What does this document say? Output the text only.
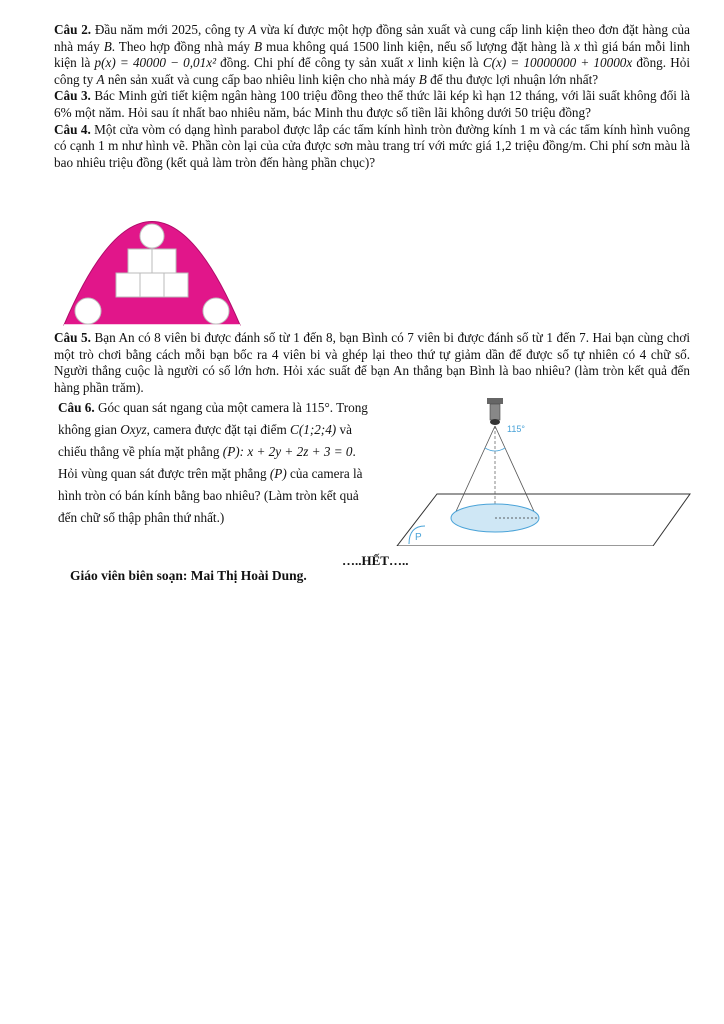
Câu 2. Đầu năm mới 2025, công ty A vừa kí được một hợp đồng sản xuất và cung cấp linh kiện theo đơn đặt hàng của nhà máy B. Theo hợp đồng nhà máy B mua không quá 1500 linh kiện, nếu số lượng đặt hàng là x thì giá bán mỗi linh kiện là p(x) = 40000 − 0,01x² đồng. Chi phí để công ty sản xuất x linh kiện là C(x) = 10000000 + 10000x đồng. Hỏi công ty A nên sản xuất và cung cấp bao nhiêu linh kiện cho nhà máy B để thu được lợi nhuận lớn nhất?

Câu 3. Bác Minh gửi tiết kiệm ngân hàng 100 triệu đồng theo thể thức lãi kép kì hạn 12 tháng, với lãi suất không đổi là 6% một năm. Hỏi sau ít nhất bao nhiêu năm, bác Minh thu được số tiền lãi không dưới 50 triệu đồng?

Câu 4. Một cửa vòm có dạng hình parabol được lắp các tấm kính hình tròn đường kính 1 m và các tấm kính hình vuông có cạnh 1 m như hình vẽ. Phần còn lại của cửa được sơn màu trang trí với mức giá 1,2 triệu đồng/m. Chi phí sơn màu là bao nhiêu triệu đồng (kết quả làm tròn đến hàng phần chục)?

Câu 5. Bạn An có 8 viên bi được đánh số từ 1 đến 8, bạn Bình có 7 viên bi được đánh số từ 1 đến 7. Hai bạn cùng chơi một trò chơi bằng cách mỗi bạn bốc ra 4 viên bi và ghép lại theo thứ tự giảm dần để được số tự nhiên có 4 chữ số. Người thắng cuộc là người có số lớn hơn. Hỏi xác suất để bạn An thắng bạn Bình là bao nhiêu? (làm tròn kết quả đến hàng phần trăm).

Câu 6. Góc quan sát ngang của một camera là 115°. Trong không gian Oxyz, camera được đặt tại điểm C(1;2;4) và chiếu thẳng về phía mặt phẳng (P): x + 2y + 2z + 3 = 0. Hỏi vùng quan sát được trên mặt phẳng (P) của camera là hình tròn có bán kính bằng bao nhiêu? (Làm tròn kết quả đến chữ số thập phân thứ nhất.)

115°
P
…..HẾT…..
Giáo viên biên soạn: Mai Thị Hoài Dung.
